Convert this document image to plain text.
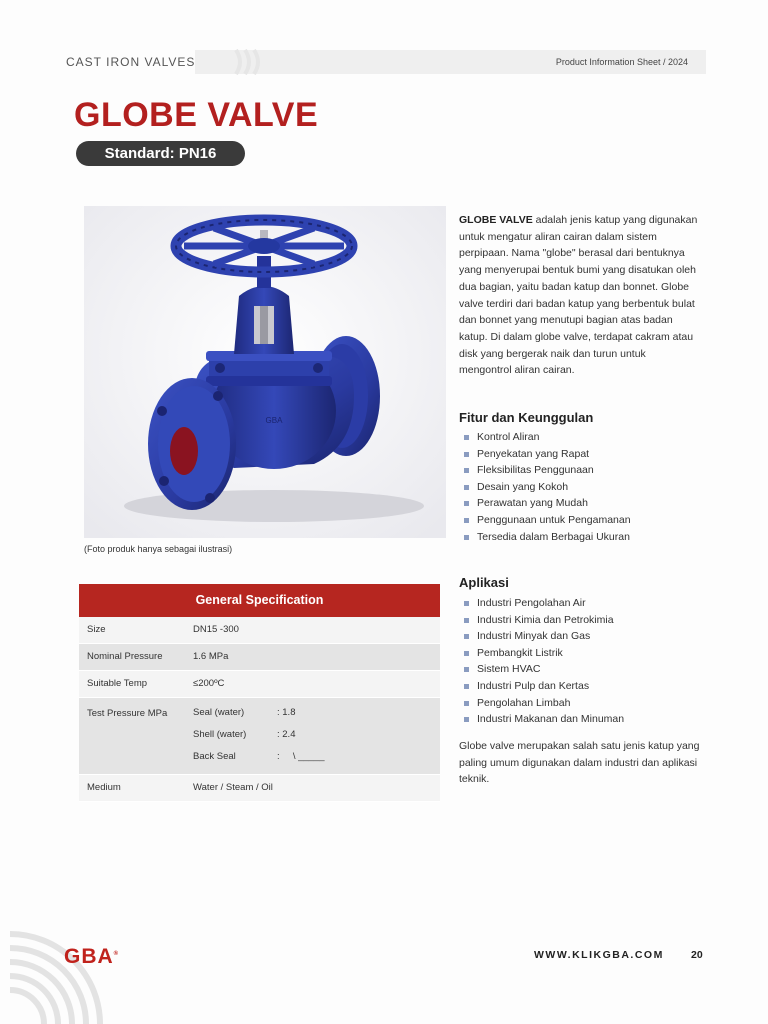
CAST IRON VALVES	Product Information Sheet / 2024
GLOBE VALVE
Standard: PN16
GBA
(Foto produk hanya sebagai ilustrasi)
GLOBE VALVE adalah jenis katup yang digunakan untuk mengatur aliran cairan dalam sistem perpipaan. Nama "globe" berasal dari bentuknya yang menyerupai bentuk bumi yang disatukan oleh dua bagian, yaitu badan katup dan bonnet. Globe valve terdiri dari badan katup yang berbentuk bulat dan bonnet yang menutupi bagian atas badan katup. Di dalam globe valve, terdapat cakram atau disk yang bergerak naik dan turun untuk mengontrol aliran cairan.
Fitur dan Keunggulan
Kontrol Aliran
Penyekatan yang Rapat
Fleksibilitas Penggunaan
Desain yang Kokoh
Perawatan yang Mudah
Penggunaan untuk Pengamanan
Tersedia dalam Berbagai Ukuran
Aplikasi
Industri Pengolahan Air
Industri Kimia dan Petrokimia
Industri Minyak dan Gas
Pembangkit Listrik
Sistem HVAC
Industri Pulp dan Kertas
Pengolahan Limbah
Industri Makanan dan Minuman
Globe valve merupakan salah satu jenis katup yang paling umum digunakan dalam industri dan aplikasi teknik.
General Specification
Size	DN15 -300
Nominal Pressure	1.6 MPa
Suitable Temp	≤200ºC
Test Pressure MPa	Seal (water)	: 1.8
Shell (water)	: 2.4
Back Seal	:     \ _____
Medium	Water / Steam / Oil
GBA®	WWW.KLIKGBA.COM	20
